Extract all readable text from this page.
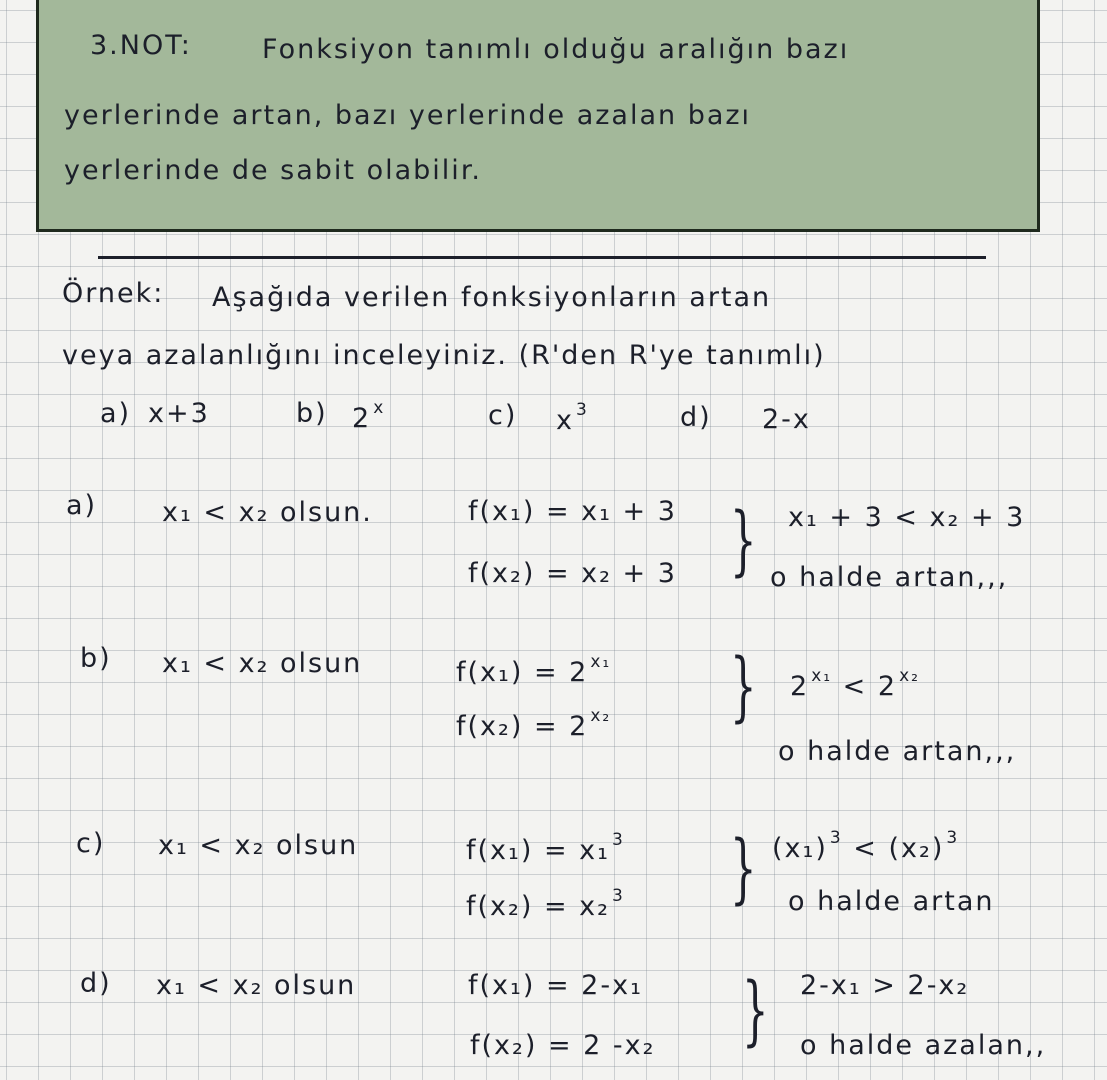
3.NOT:	Fonksiyon tanımlı olduğu aralığın bazı
yerlerinde artan, bazı yerlerinde azalan bazı
yerlerinde de sabit olabilir.
Örnek: Aşağıda verilen fonksiyonların artan
veya azalanlığını inceleyiniz. (R'den R'ye tanımlı)
a) x+3	b) 2 $^x$	c) x $^3$	d) 2-x
a) x₁ < x₂ olsun.	f(x₁) = x₁ + 3
f(x₂) = x₂ + 3 } x₁ + 3 < x₂ + 3
o halde artan,,,
b) x₁ < x₂ olsun	f(x₁) = 2 $^{x_1}$
f(x₂) = 2 $^{x_2}$ } 2 $^{x_1}$ < 2 $^{x_2}$
o halde artan,,,
c) x₁ < x₂ olsun	f(x₁) = x₁ $^3$
f(x₂) = x₂ $^3$ } (x₁) $^3$ < (x₂) $^3$
o halde artan
d) x₁ < x₂ olsun	f(x₁) = 2-x₁
f(x₂) = 2 -x₂ } 2-x₁ > 2-x₂
o halde azalan,,
